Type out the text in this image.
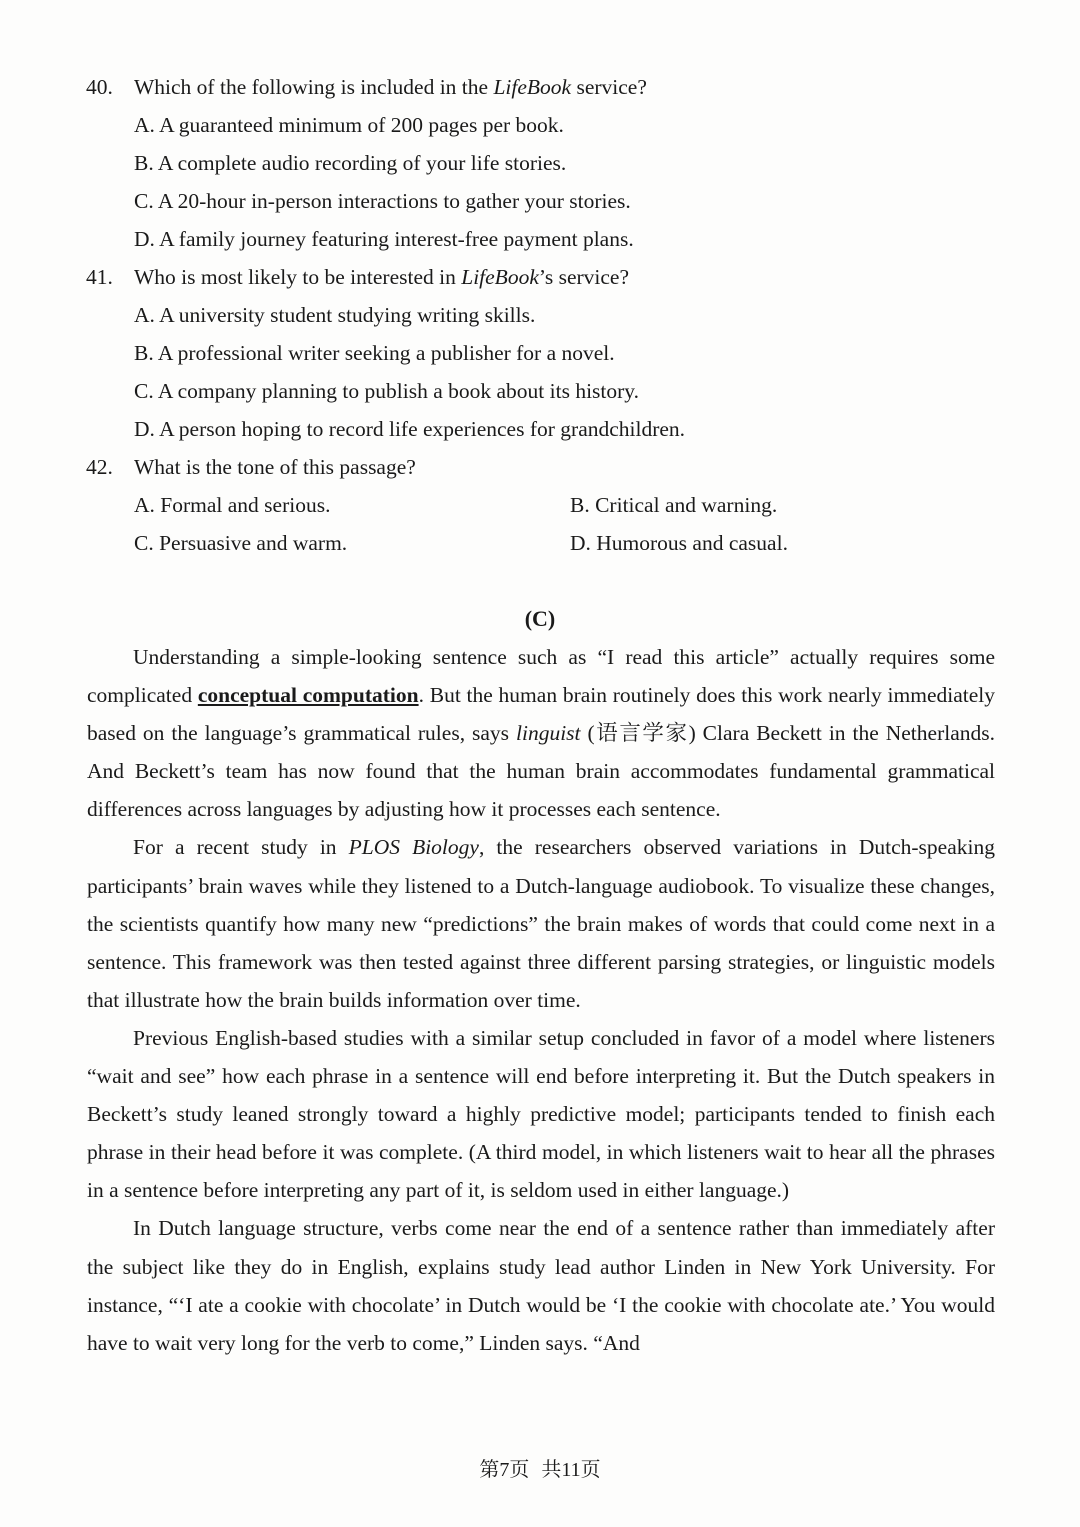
40. Which of the following is included in the LifeBook service?
A. A guaranteed minimum of 200 pages per book.
B. A complete audio recording of your life stories.
C. A 20-hour in-person interactions to gather your stories.
D. A family journey featuring interest-free payment plans.
41. Who is most likely to be interested in LifeBook’s service?
A. A university student studying writing skills.
B. A professional writer seeking a publisher for a novel.
C. A company planning to publish a book about its history.
D. A person hoping to record life experiences for grandchildren.
42. What is the tone of this passage?
A. Formal and serious.	B. Critical and warning.
C. Persuasive and warm.	D. Humorous and casual.
(C)

Understanding a simple-looking sentence such as “I read this article” actually requires some complicated conceptual computation. But the human brain routinely does this work nearly immediately based on the language’s grammatical rules, says linguist (语言学家) Clara Beckett in the Netherlands. And Beckett’s team has now found that the human brain accommodates fundamental grammatical differences across languages by adjusting how it processes each sentence.

For a recent study in PLOS Biology, the researchers observed variations in Dutch-speaking participants’ brain waves while they listened to a Dutch-language audiobook. To visualize these changes, the scientists quantify how many new “predictions” the brain makes of words that could come next in a sentence. This framework was then tested against three different parsing strategies, or linguistic models that illustrate how the brain builds information over time.

Previous English-based studies with a similar setup concluded in favor of a model where listeners “wait and see” how each phrase in a sentence will end before interpreting it. But the Dutch speakers in Beckett’s study leaned strongly toward a highly predictive model; participants tended to finish each phrase in their head before it was complete. (A third model, in which listeners wait to hear all the phrases in a sentence before interpreting any part of it, is seldom used in either language.)

In Dutch language structure, verbs come near the end of a sentence rather than immediately after the subject like they do in English, explains study lead author Linden in New York University. For instance, “‘I ate a cookie with chocolate’ in Dutch would be ‘I the cookie with chocolate ate.’ You would have to wait very long for the verb to come,” Linden says. “And

第7页 共11页
